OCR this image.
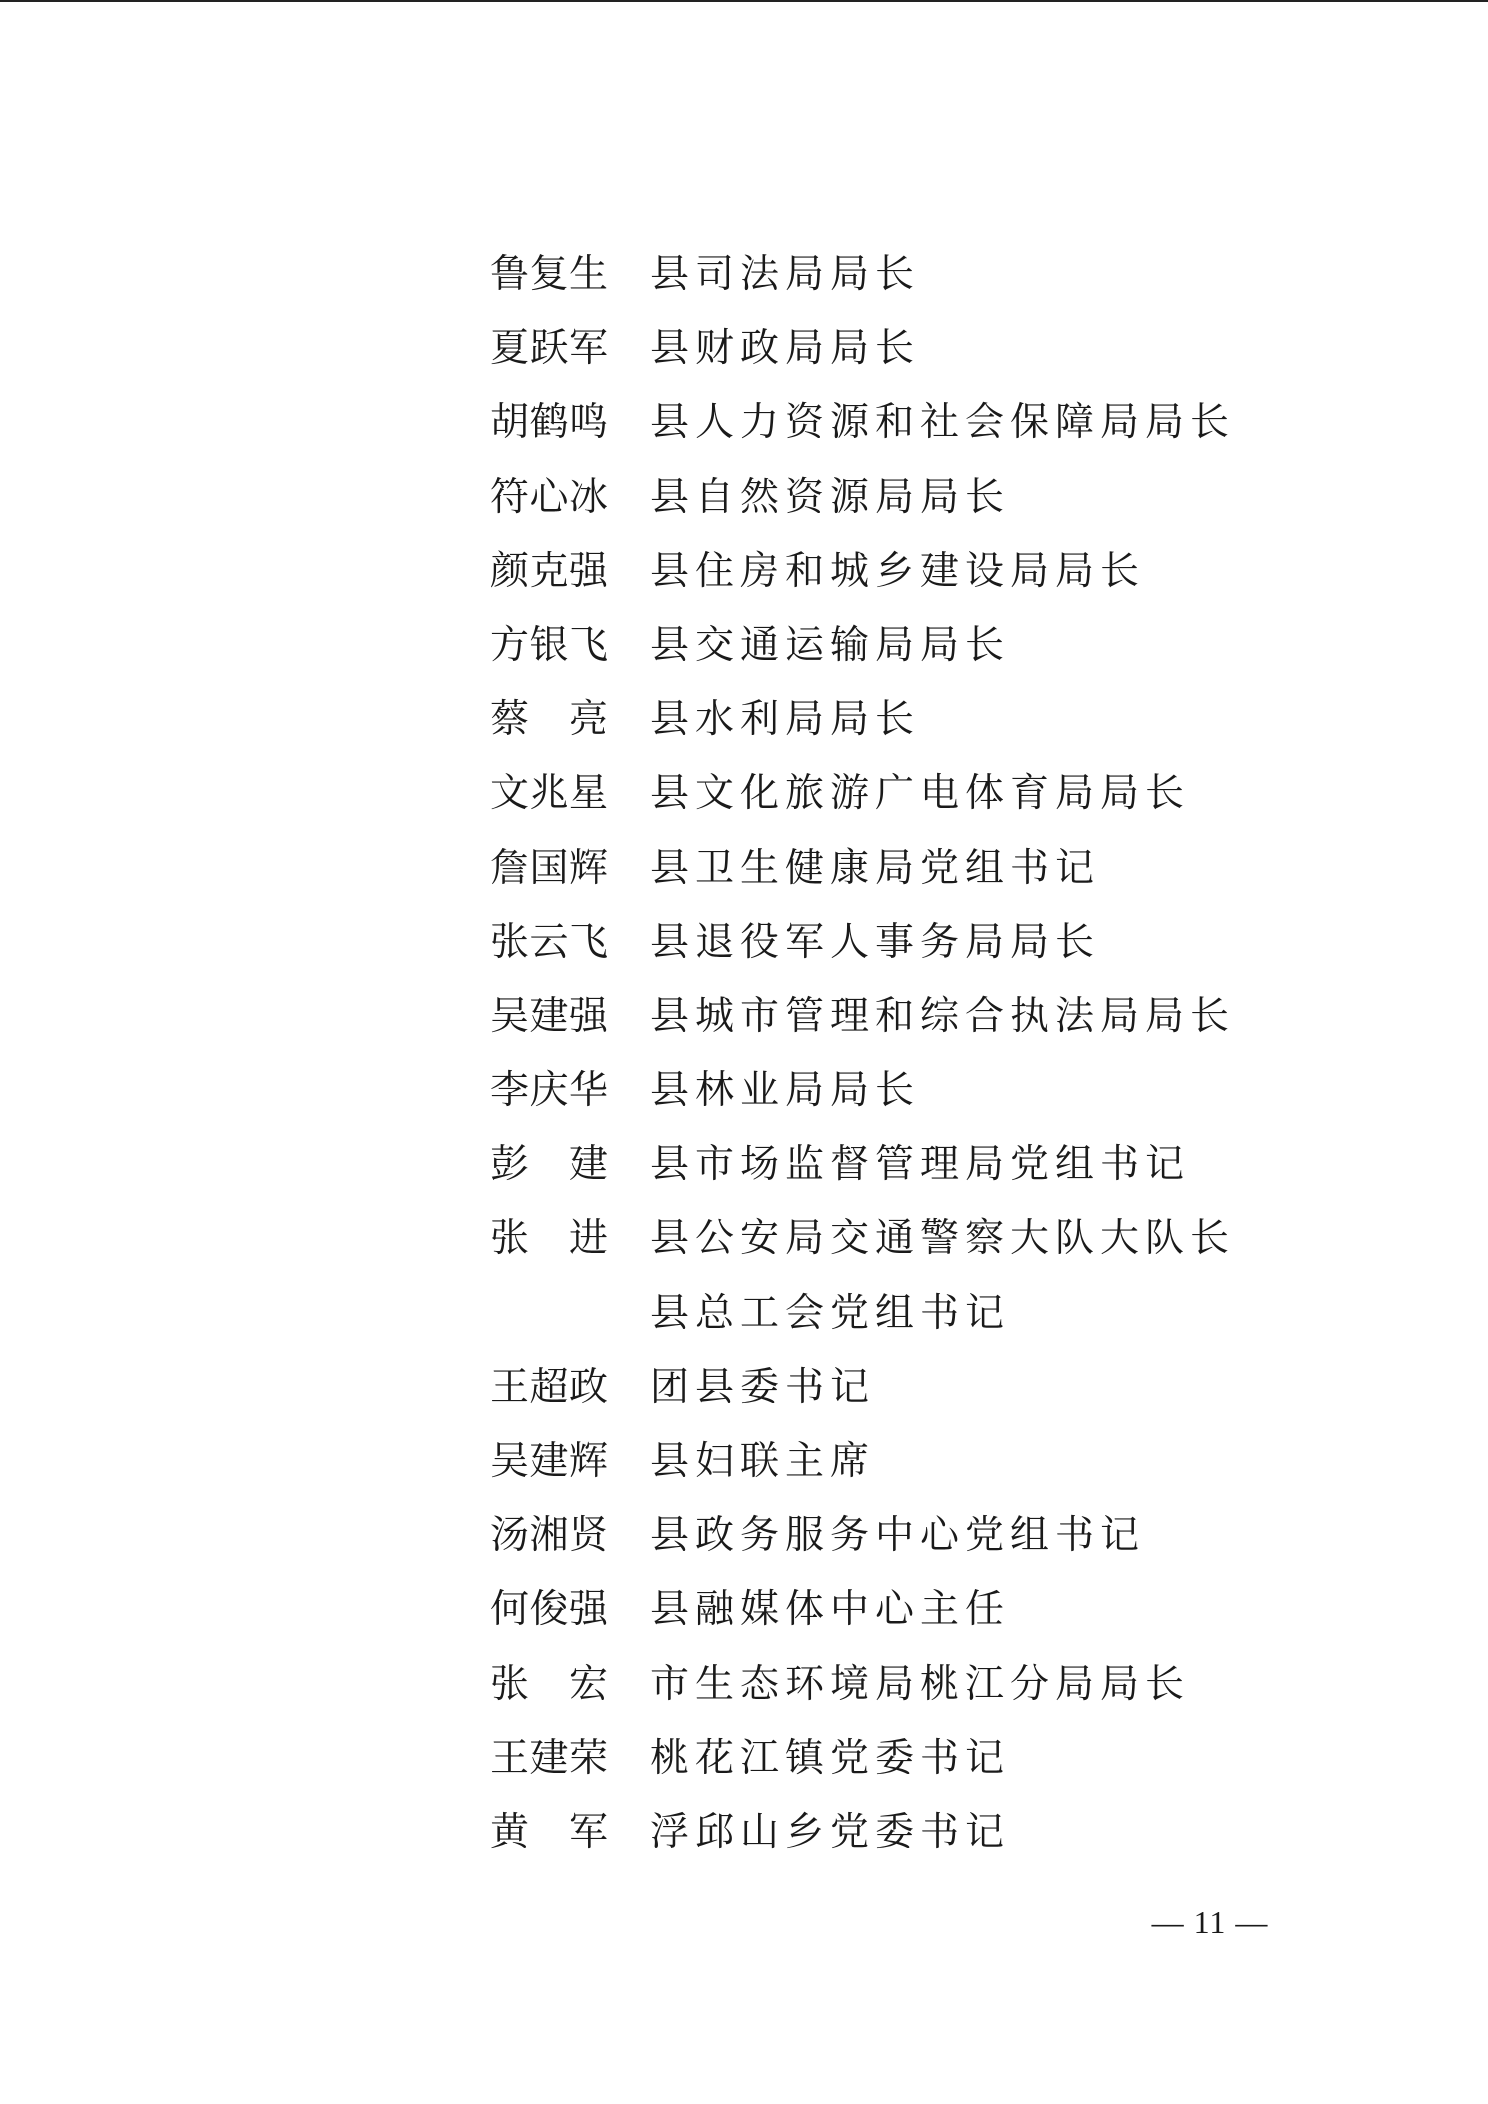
鲁 复 生 县司法局局长
夏 跃 军 县财政局局长
胡 鹤 鸣 县人力资源和社会保障局局长
符 心 冰 县自然资源局局长
颜 克 强 县住房和城乡建设局局长
方 银 飞 县交通运输局局长
蔡 亮 县水利局局长
文 兆 星 县文化旅游广电体育局局长
詹 国 辉 县卫生健康局党组书记
张 云 飞 县退役军人事务局局长
吴 建 强 县城市管理和综合执法局局长
李 庆 华 县林业局局长
彭 建 县市场监督管理局党组书记
张 进 县公安局交通警察大队大队长
县总工会党组书记
王 超 政 团县委书记
吴 建 辉 县妇联主席
汤 湘 贤 县政务服务中心党组书记
何 俊 强 县融媒体中心主任
张 宏 市生态环境局桃江分局局长
王 建 荣 桃花江镇党委书记
黄 军 浮邱山乡党委书记
— 11 —
